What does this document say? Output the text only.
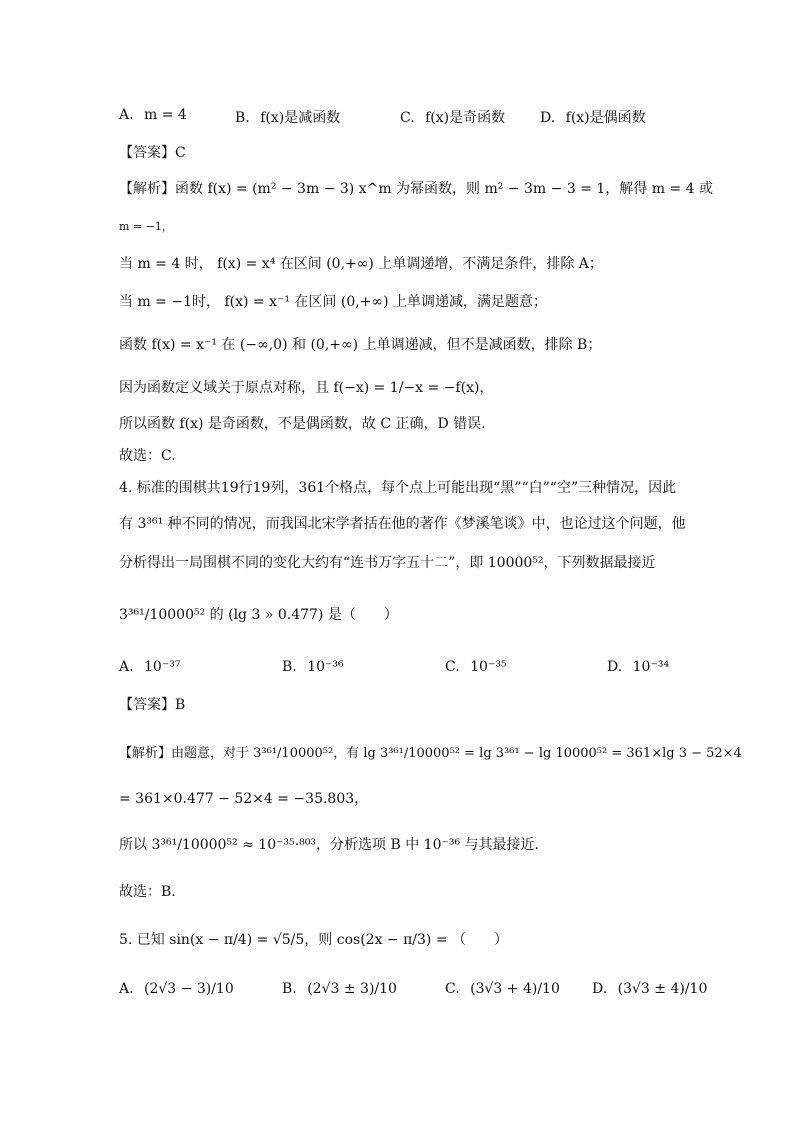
A. m = 4	B. f(x)是减函数	C. f(x)是奇函数 D. f(x)是偶函数
【答案】C
【解析】函数 f(x) = (m² − 3m − 3) x^m 为幂函数，则 m² − 3m − 3 = 1，解得 m = 4 或
m = −1，
当 m = 4 时， f(x) = x⁴ 在区间 (0,+∞) 上单调递增，不满足条件，排除 A；
当 m = −1时， f(x) = x⁻¹ 在区间 (0,+∞) 上单调递减，满足题意；
函数 f(x) = x⁻¹ 在 (−∞,0) 和 (0,+∞) 上单调递减，但不是减函数，排除 B；
因为函数定义域关于原点对称，且 f(−x) = 1/−x = −f(x)，
所以函数 f(x) 是奇函数，不是偶函数，故 C 正确，D 错误.
故选：C.
4. 标准的围棋共19行19列，361个格点，每个点上可能出现“黑”“白”“空”三种情况，因此
有 3³⁶¹ 种不同的情况，而我国北宋学者括在他的著作《梦溪笔谈》中，也论过这个问题，他
分析得出一局围棋不同的变化大约有“连书万字五十二”，即 10000⁵²，下列数据最接近
3³⁶¹/10000⁵² 的 (lg 3 » 0.477) 是（　　）
A. 10⁻³⁷	B. 10⁻³⁶	C. 10⁻³⁵	D. 10⁻³⁴
【答案】B
【解析】由题意，对于 3³⁶¹/10000⁵²，有 lg 3³⁶¹/10000⁵² = lg 3³⁶¹ − lg 10000⁵² = 361×lg 3 − 52×4
= 361×0.477 − 52×4 = −35.803，
所以 3³⁶¹/10000⁵² ≈ 10⁻³⁵·⁸⁰³，分析选项 B 中 10⁻³⁶ 与其最接近.
故选：B.
5. 已知 sin(x − π/4) = √5/5，则 cos(2x − π/3) = （　　）
A. (2√3 − 3)/10	B. (2√3 ± 3)/10	C. (3√3 + 4)/10 D. (3√3 ± 4)/10
